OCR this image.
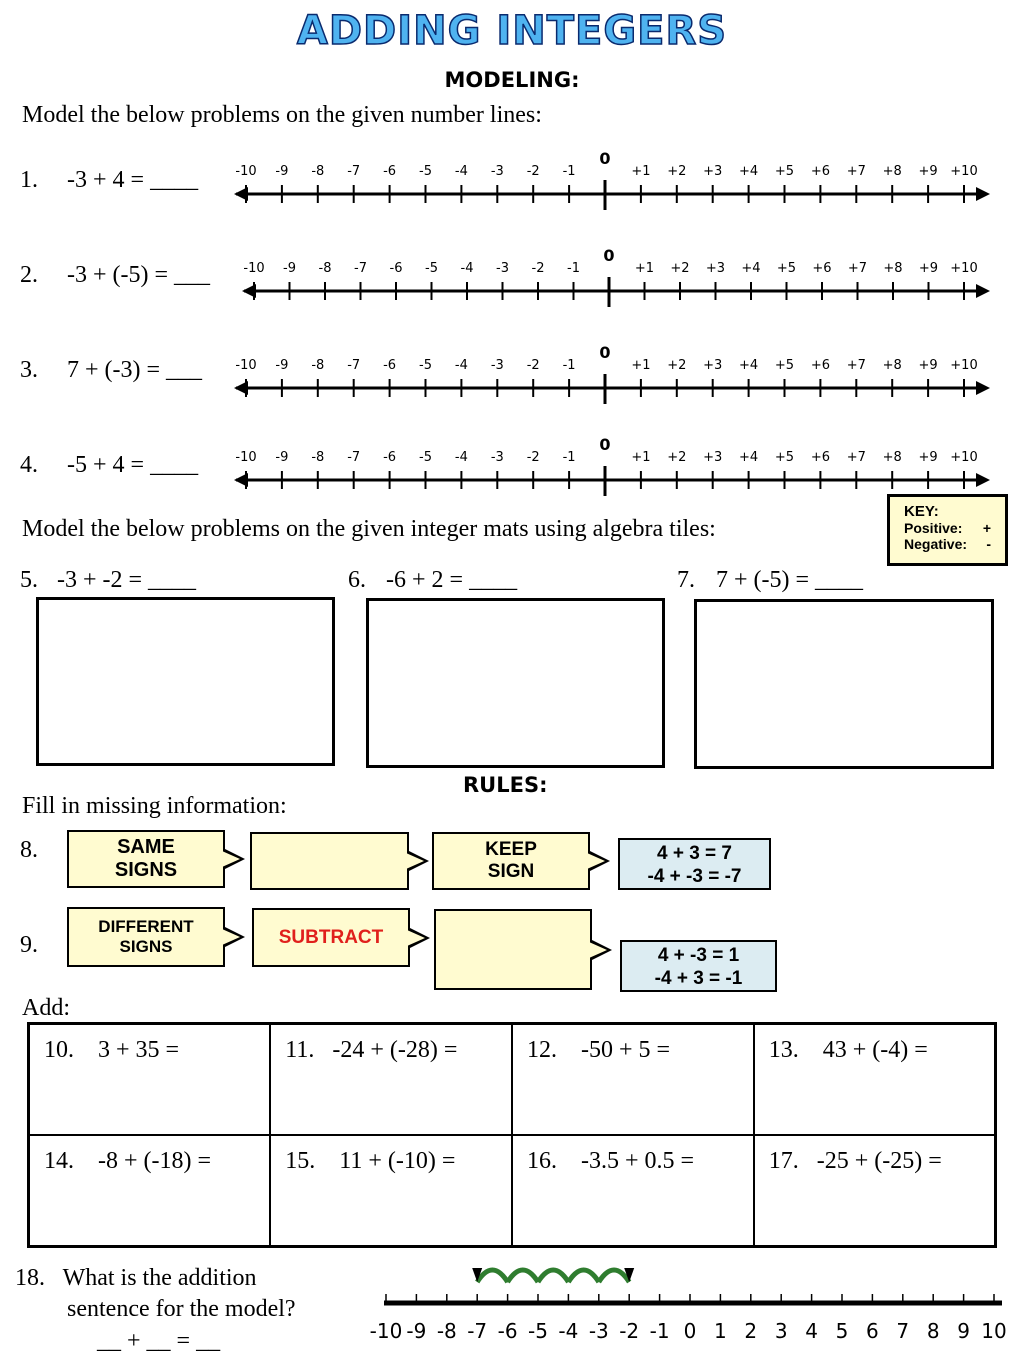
ADDING INTEGERS
MODELING:
Model the below problems on the given number lines:
1. -3 + 4 = ____
2. -3 + (-5) = ___
3. 7 + (-3) = ___
4. -5 + 4 = ____
-10 -9 -8 -7 -6 -5 -4 -3 -2 -1
0
+1 +2 +3 +4 +5 +6 +7 +8 +9 +10
-10 -9 -8 -7 -6 -5 -4 -3 -2 -1
0
+1 +2 +3 +4 +5 +6 +7 +8 +9 +10
-10 -9 -8 -7 -6 -5 -4 -3 -2 -1
0
+1 +2 +3 +4 +5 +6 +7 +8 +9 +10
-10 -9 -8 -7 -6 -5 -4 -3 -2 -1
0
+1 +2 +3 +4 +5 +6 +7 +8 +9 +10
Model the below problems on the given integer mats using algebra tiles:
KEY:
Positive: +
Negative: -
5. -3 + -2 = ____	6. -6 + 2 = ____	7. 7 + (-5) = ____
RULES:
Fill in missing information:
8.	SAME
SIGNS
KEEP
SIGN
4 + 3 = 7
-4 + -3 = -7
9.
DIFFERENT
SIGNS	SUBTRACT
4 + -3 = 1
-4 + 3 = -1
Add:
10.    3 + 35 =	11.   -24 + (-28) =	12.    -50 + 5 =	13.    43 + (-4) =
14.    -8 + (-18) =	15.    11 + (-10) =	16.    -3.5 + 0.5 =	17.   -25 + (-25) =
18.   What is the addition
sentence for the model?
__ + __ = __	-10 -9 -8 -7 -6 -5 -4 -3 -2 -1 0 1 2 3 4 5 6 7 8 9 10
